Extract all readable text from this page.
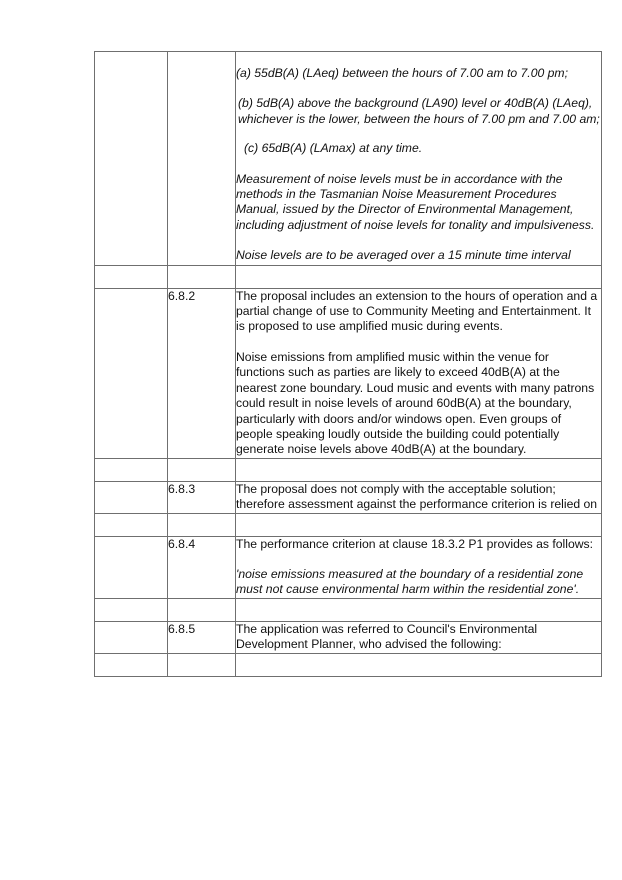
		(a) 55dB(A) (LAeq) between the hours of 7.00 am to 7.00 pm;

(b) 5dB(A) above the background (LA90) level or 40dB(A) (LAeq), whichever is the lower, between the hours of 7.00 pm and 7.00 am;

(c) 65dB(A) (LAmax) at any time.

Measurement of noise levels must be in accordance with the methods in the Tasmanian Noise Measurement Procedures Manual, issued by the Director of Environmental Management, including adjustment of noise levels for tonality and impulsiveness.

Noise levels are to be averaged over a 15 minute time interval

	6.8.2	The proposal includes an extension to the hours of operation and a partial change of use to Community Meeting and Entertainment. It is proposed to use amplified music during events.

Noise emissions from amplified music within the venue for functions such as parties are likely to exceed 40dB(A) at the nearest zone boundary. Loud music and events with many patrons could result in noise levels of around 60dB(A) at the boundary, particularly with doors and/or windows open. Even groups of people speaking loudly outside the building could potentially generate noise levels above 40dB(A) at the boundary.

	6.8.3	The proposal does not comply with the acceptable solution; therefore assessment against the performance criterion is relied on

	6.8.4	The performance criterion at clause 18.3.2 P1 provides as follows:

'noise emissions measured at the boundary of a residential zone must not cause environmental harm within the residential zone'.

	6.8.5	The application was referred to Council's Environmental Development Planner, who advised the following:
